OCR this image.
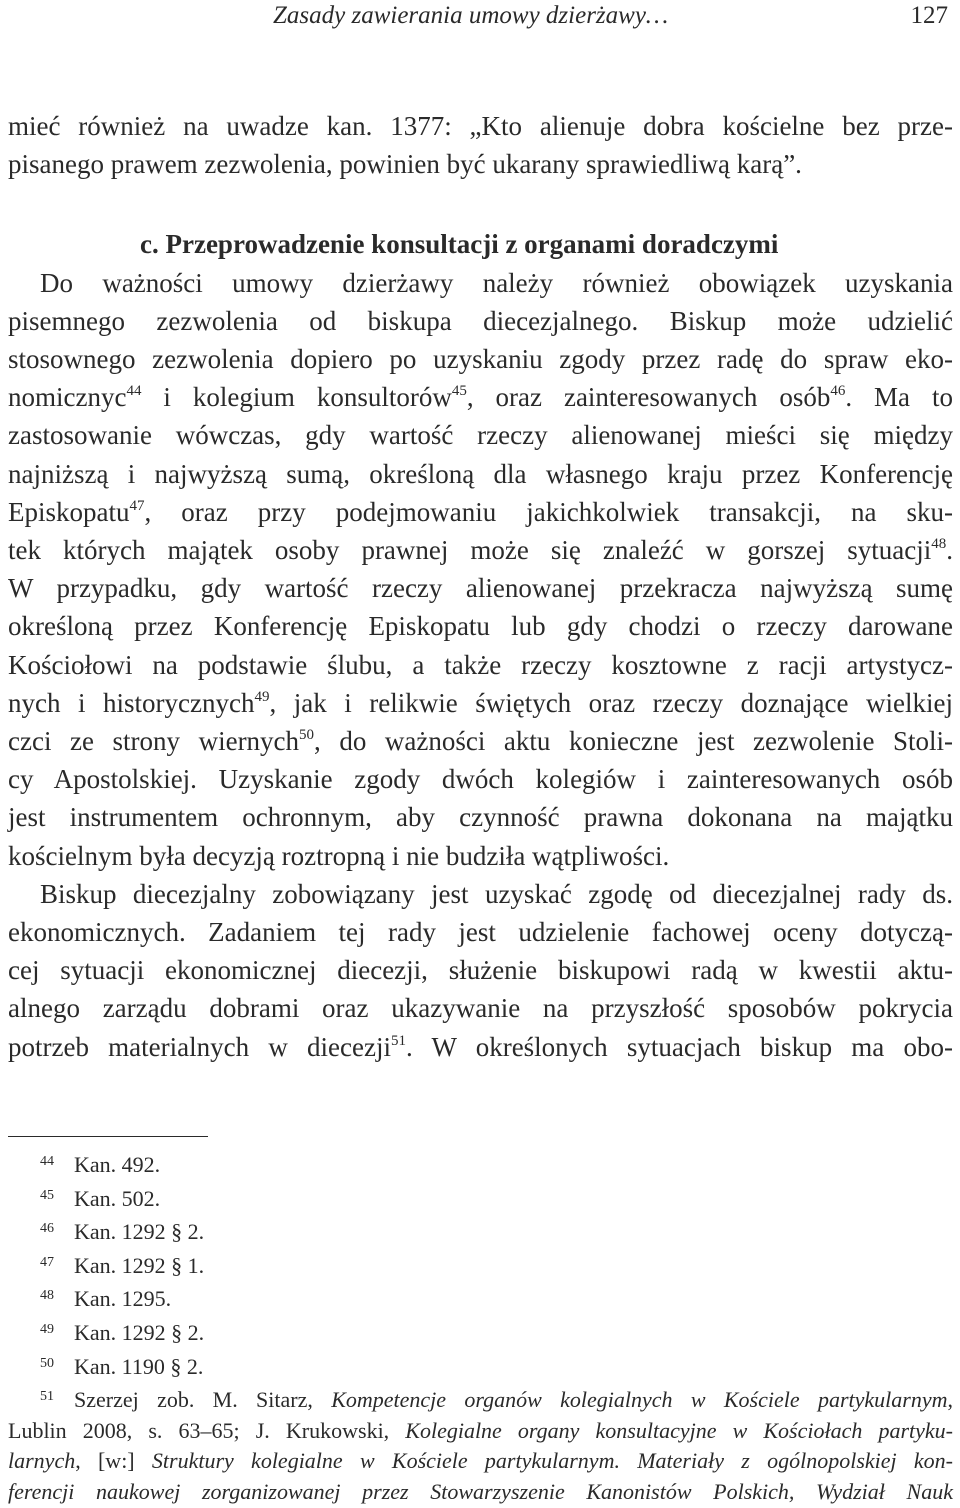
Zasady zawierania umowy dzierżawy…	127
mieć również na uwadze kan. 1377: „Kto alienuje dobra kościelne bez prze-
pisanego prawem zezwolenia, powinien być ukarany sprawiedliwą karą”.
c. Przeprowadzenie konsultacji z organami doradczymi
Do ważności umowy dzierżawy należy również obowiązek uzyskania
pisemnego zezwolenia od biskupa diecezjalnego. Biskup może udzielić
stosownego zezwolenia dopiero po uzyskaniu zgody przez radę do spraw eko-
nomicznyc$^{44}$ i kolegium konsultorów$^{45}$, oraz zainteresowanych osób$^{46}$. Ma to
zastosowanie wówczas, gdy wartość rzeczy alienowanej mieści się między
najniższą i najwyższą sumą, określoną dla własnego kraju przez Konferencję
Episkopatu$^{47}$, oraz przy podejmowaniu jakichkolwiek transakcji, na sku-
tek których majątek osoby prawnej może się znaleźć w gorszej sytuacji$^{48}$.
W przypadku, gdy wartość rzeczy alienowanej przekracza najwyższą sumę
określoną przez Konferencję Episkopatu lub gdy chodzi o rzeczy darowane
Kościołowi na podstawie ślubu, a także rzeczy kosztowne z racji artystycz-
nych i historycznych$^{49}$, jak i relikwie świętych oraz rzeczy doznające wielkiej
czci ze strony wiernych$^{50}$, do ważności aktu konieczne jest zezwolenie Stoli-
cy Apostolskiej. Uzyskanie zgody dwóch kolegiów i zainteresowanych osób
jest instrumentem ochronnym, aby czynność prawna dokonana na majątku
kościelnym była decyzją roztropną i nie budziła wątpliwości.
Biskup diecezjalny zobowiązany jest uzyskać zgodę od diecezjalnej rady ds.
ekonomicznych. Zadaniem tej rady jest udzielenie fachowej oceny dotyczą-
cej sytuacji ekonomicznej diecezji, służenie biskupowi radą w kwestii aktu-
alnego zarządu dobrami oraz ukazywanie na przyszłość sposobów pokrycia
potrzeb materialnych w diecezji$^{51}$. W określonych sytuacjach biskup ma obo-
44 Kan. 492.
45 Kan. 502.
46 Kan. 1292 § 2.
47 Kan. 1292 § 1.
48 Kan. 1295.
49 Kan. 1292 § 2.
50 Kan. 1190 § 2.
51 Szerzej zob. M. Sitarz, Kompetencje organów kolegialnych w Kościele partykularnym,
Lublin 2008, s. 63–65; J. Krukowski, Kolegialne organy konsultacyjne w Kościołach partyku-
larnych, [w:] Struktury kolegialne w Kościele partykularnym. Materiały z ogólnopolskiej kon-
ferencji naukowej zorganizowanej przez Stowarzyszenie Kanonistów Polskich, Wydział Nauk
